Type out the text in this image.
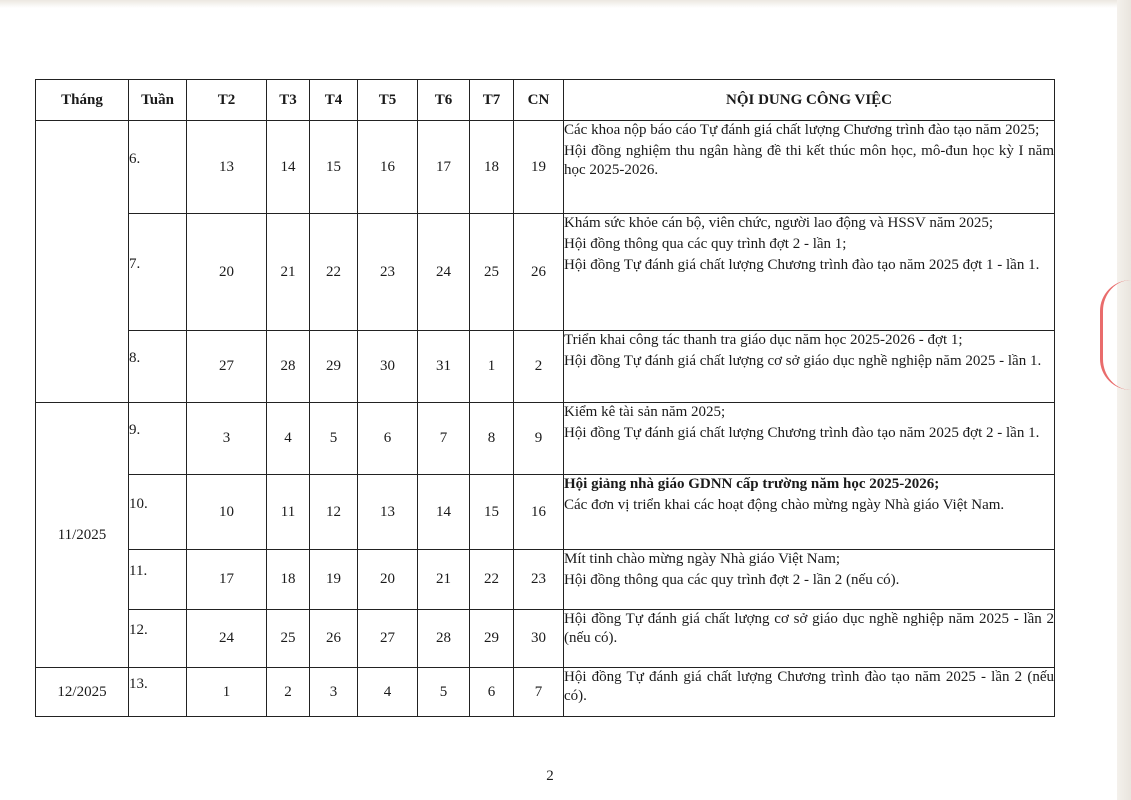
Tháng	Tuần	T2	T3	T4	T5	T6	T7	CN	NỘI DUNG CÔNG VIỆC
	6.	13	14	15	16	17	18	19	Các khoa nộp báo cáo Tự đánh giá chất lượng Chương trình đào tạo năm 2025;
Hội đồng nghiệm thu ngân hàng đề thi kết thúc môn học, mô-đun học kỳ I năm học 2025-2026.

	7.	20	21	22	23	24	25	26	Khám sức khỏe cán bộ, viên chức, người lao động và HSSV năm 2025;
Hội đồng thông qua các quy trình đợt 2 - lần 1;
Hội đồng Tự đánh giá chất lượng Chương trình đào tạo năm 2025 đợt 1 - lần 1.

	8.	27	28	29	30	31	1	2	Triển khai công tác thanh tra giáo dục năm học 2025-2026 - đợt 1;
Hội đồng Tự đánh giá chất lượng cơ sở giáo dục nghề nghiệp năm 2025 - lần 1.

11/2025	9.	3	4	5	6	7	8	9	Kiểm kê tài sản năm 2025;
Hội đồng Tự đánh giá chất lượng Chương trình đào tạo năm 2025 đợt 2 - lần 1.

	10.	10	11	12	13	14	15	16	Hội giảng nhà giáo GDNN cấp trường năm học 2025-2026;
Các đơn vị triển khai các hoạt động chào mừng ngày Nhà giáo Việt Nam.

	11.	17	18	19	20	21	22	23	Mít tinh chào mừng ngày Nhà giáo Việt Nam;
Hội đồng thông qua các quy trình đợt 2 - lần 2 (nếu có).

	12.	24	25	26	27	28	29	30	Hội đồng Tự đánh giá chất lượng cơ sở giáo dục nghề nghiệp năm 2025 - lần 2 (nếu có).

12/2025	13.	1	2	3	4	5	6	7	Hội đồng Tự đánh giá chất lượng Chương trình đào tạo năm 2025 - lần 2 (nếu có).
2
